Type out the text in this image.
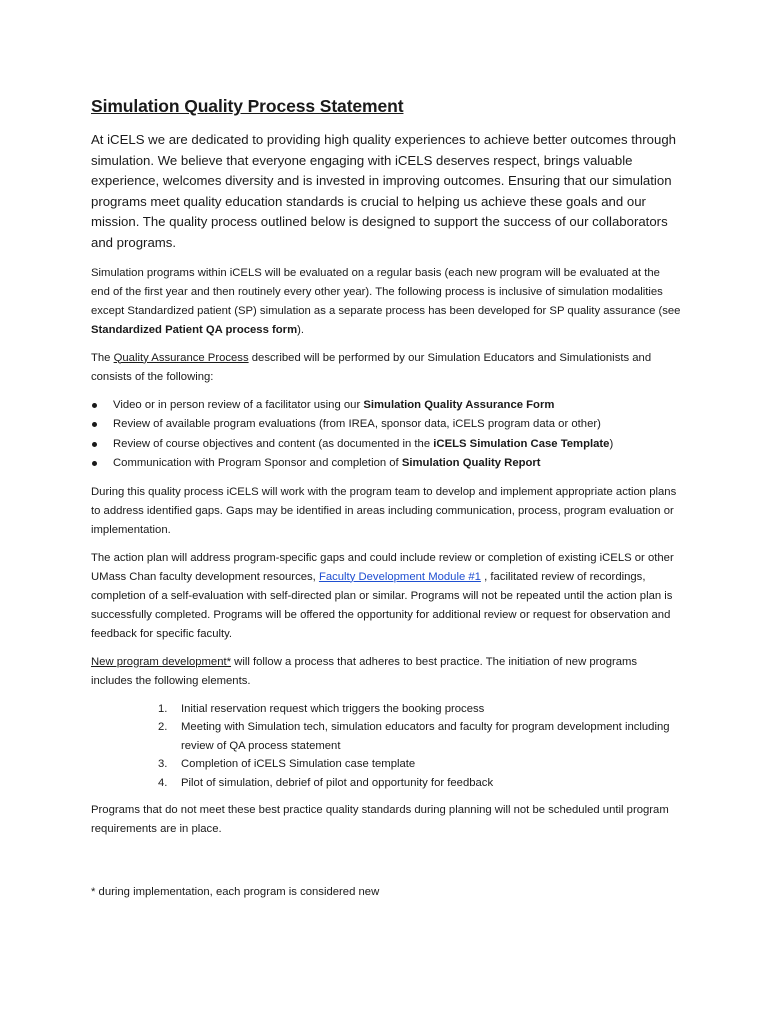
Simulation Quality Process Statement

At iCELS we are dedicated to providing high quality experiences to achieve better outcomes through simulation. We believe that everyone engaging with iCELS deserves respect, brings valuable experience, welcomes diversity and is invested in improving outcomes. Ensuring that our simulation programs meet quality education standards is crucial to helping us achieve these goals and our mission. The quality process outlined below is designed to support the success of our collaborators and programs.

Simulation programs within iCELS will be evaluated on a regular basis (each new program will be evaluated at the end of the first year and then routinely every other year). The following process is inclusive of simulation modalities except Standardized patient (SP) simulation as a separate process has been developed for SP quality assurance (see Standardized Patient QA process form).

The Quality Assurance Process described will be performed by our Simulation Educators and Simulationists and consists of the following:

Video or in person review of a facilitator using our Simulation Quality Assurance Form
Review of available program evaluations (from IREA, sponsor data, iCELS program data or other)
Review of course objectives and content (as documented in the iCELS Simulation Case Template)
Communication with Program Sponsor and completion of Simulation Quality Report

During this quality process iCELS will work with the program team to develop and implement appropriate action plans to address identified gaps. Gaps may be identified in areas including communication, process, program evaluation or implementation.

The action plan will address program-specific gaps and could include review or completion of existing iCELS or other UMass Chan faculty development resources, Faculty Development Module #1 , facilitated review of recordings, completion of a self-evaluation with self-directed plan or similar. Programs will not be repeated until the action plan is successfully completed. Programs will be offered the opportunity for additional review or request for observation and feedback for specific faculty.

New program development* will follow a process that adheres to best practice. The initiation of new programs includes the following elements.

1. Initial reservation request which triggers the booking process
2. Meeting with Simulation tech, simulation educators and faculty for program development including review of QA process statement
3. Completion of iCELS Simulation case template
4. Pilot of simulation, debrief of pilot and opportunity for feedback

Programs that do not meet these best practice quality standards during planning will not be scheduled until program requirements are in place.

* during implementation, each program is considered new
